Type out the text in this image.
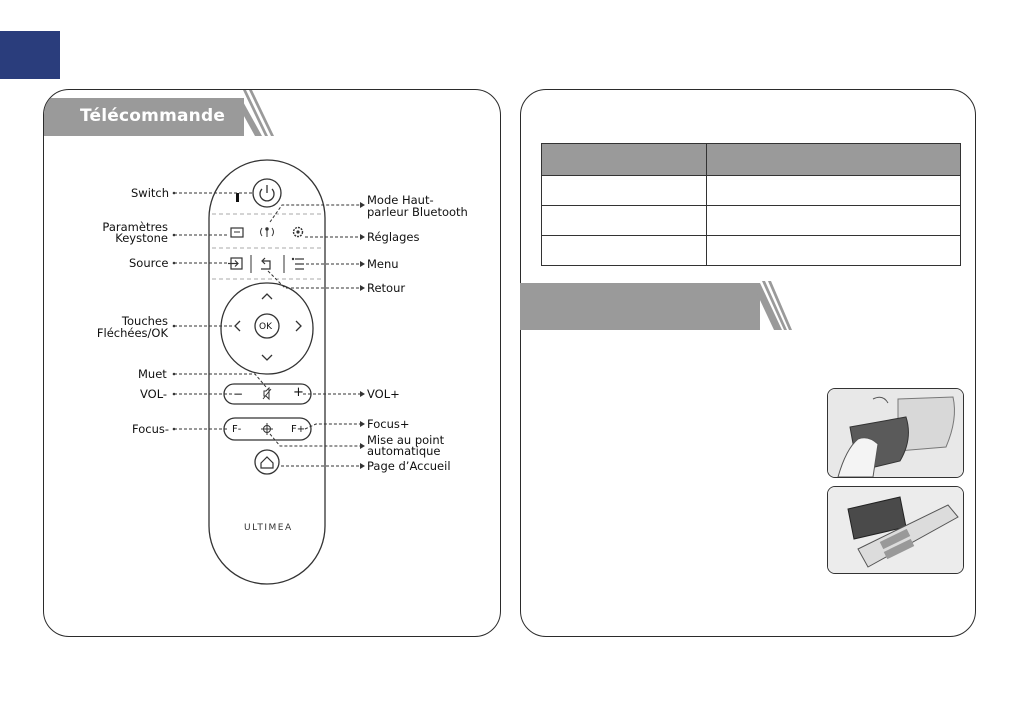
Télécommande
OK
−	+
F-	F+
ULTIMEA
Switch
Paramètres
Keystone
Source
Touches
Fléchées/OK
Muet
VOL-
Focus-
Mode Haut-
parleur Bluetooth
Réglages
Menu
Retour
VOL+
Focus+
Mise au point
automatique
Page d’Accueil
